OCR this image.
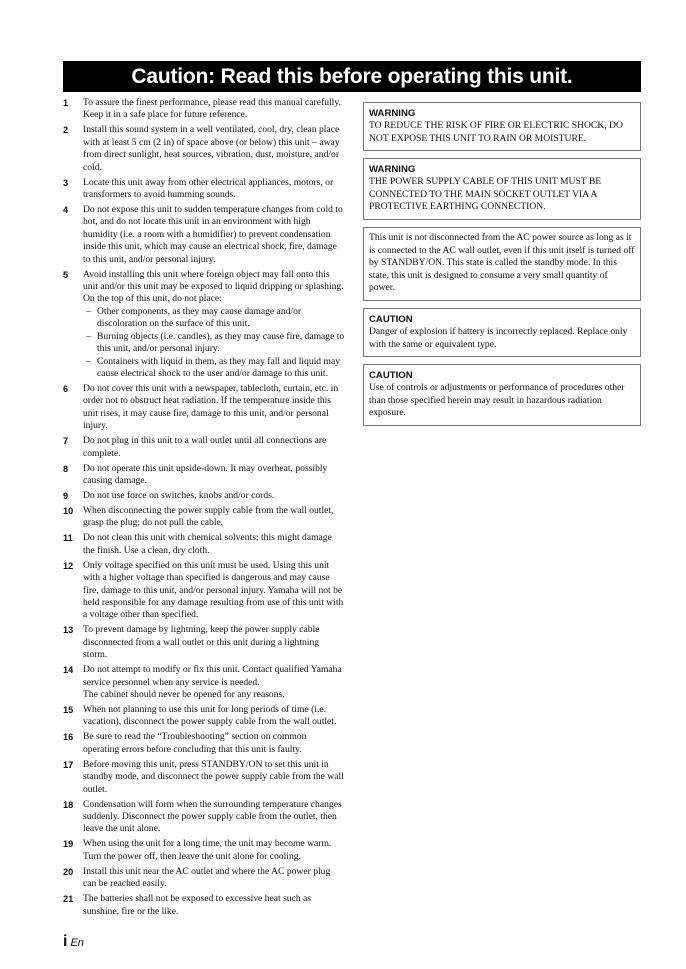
Caution: Read this before operating this unit.
1	To assure the finest performance, please read this manual carefully. Keep it in a safe place for future reference.
2	Install this sound system in a well ventilated, cool, dry, clean place with at least 5 cm (2 in) of space above (or below) this unit – away from direct sunlight, heat sources, vibration, dust, moisture, and/or cold.
3	Locate this unit away from other electrical appliances, motors, or transformers to avoid humming sounds.
4	Do not expose this unit to sudden temperature changes from cold to hot, and do not locate this unit in an environment with high humidity (i.e. a room with a humidifier) to prevent condensation inside this unit, which may cause an electrical shock, fire, damage to this unit, and/or personal injury.
5	Avoid installing this unit where foreign object may fall onto this unit and/or this unit may be exposed to liquid dripping or splashing. On the top of this unit, do not place:
– Other components, as they may cause damage and/or discoloration on the surface of this unit.
– Burning objects (i.e. candles), as they may cause fire, damage to this unit, and/or personal injury.
– Containers with liquid in them, as they may fall and liquid may cause electrical shock to the user and/or damage to this unit.
6	Do not cover this unit with a newspaper, tablecloth, curtain, etc. in order not to obstruct heat radiation. If the temperature inside this unit rises, it may cause fire, damage to this unit, and/or personal injury.
7	Do not plug in this unit to a wall outlet until all connections are complete.
8	Do not operate this unit upside-down. It may overheat, possibly causing damage.
9	Do not use force on switches, knobs and/or cords.
10 When disconnecting the power supply cable from the wall outlet, grasp the plug; do not pull the cable.
11 Do not clean this unit with chemical solvents; this might damage the finish. Use a clean, dry cloth.
12 Only voltage specified on this unit must be used. Using this unit with a higher voltage than specified is dangerous and may cause fire, damage to this unit, and/or personal injury. Yamaha will not be held responsible for any damage resulting from use of this unit with a voltage other than specified.
13 To prevent damage by lightning, keep the power supply cable disconnected from a wall outlet or this unit during a lightning storm.
14 Do not attempt to modify or fix this unit. Contact qualified Yamaha service personnel when any service is needed.
The cabinet should never be opened for any reasons.
15 When not planning to use this unit for long periods of time (i.e. vacation), disconnect the power supply cable from the wall outlet.
16 Be sure to read the “Troubleshooting” section on common operating errors before concluding that this unit is faulty.
17 Before moving this unit, press STANDBY/ON to set this unit in standby mode, and disconnect the power supply cable from the wall outlet.
18 Condensation will form when the surrounding temperature changes suddenly. Disconnect the power supply cable from the outlet, then leave the unit alone.
19 When using the unit for a long time, the unit may become warm. Turn the power off, then leave the unit alone for cooling.
20 Install this unit near the AC outlet and where the AC power plug can be reached easily.
21 The batteries shall not be exposed to excessive heat such as sunshine, fire or the like.
WARNING
TO REDUCE THE RISK OF FIRE OR ELECTRIC SHOCK, DO NOT EXPOSE THIS UNIT TO RAIN OR MOISTURE.
WARNING
THE POWER SUPPLY CABLE OF THIS UNIT MUST BE CONNECTED TO THE MAIN SOCKET OUTLET VIA A PROTECTIVE EARTHING CONNECTION.
This unit is not disconnected from the AC power source as long as it is connected to the AC wall outlet, even if this unit itself is turned off by STANDBY/ON. This state is called the standby mode. In this state, this unit is designed to consume a very small quantity of power.
CAUTION
Danger of explosion if battery is incorrectly replaced. Replace only with the same or equivalent type.
CAUTION
Use of controls or adjustments or performance of procedures other than those specified herein may result in hazardous radiation exposure.
i En
